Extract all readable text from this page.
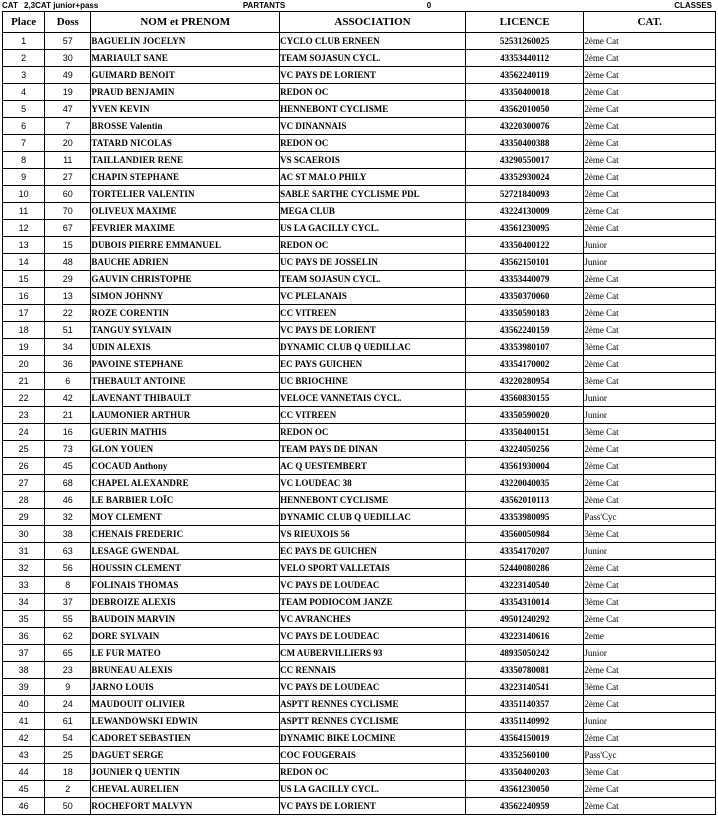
CAT 2,3CAT junior+pass	PARTANTS	0	CLASSES
Place	Doss	NOM et PRENOM	ASSOCIATION	LICENCE	CAT.
1	57	BAGUELIN JOCELYN	CYCLO CLUB ERNEEN	52531260025	2ème Cat
2	30	MARIAULT SANE	TEAM SOJASUN CYCL.	43353440112	2ème Cat
3	49	GUIMARD BENOIT	VC PAYS DE LORIENT	43562240119	2ème Cat
4	19	PRAUD BENJAMIN	REDON OC	43350400018	2ème Cat
5	47	YVEN KEVIN	HENNEBONT CYCLISME	43562010050	2ème Cat
6	7	BROSSE Valentin	VC DINANNAIS	43220300076	2ème Cat
7	20	TATARD NICOLAS	REDON OC	43350400388	2ème Cat
8	11	TAILLANDIER RENE	VS SCAEROIS	43290550017	2ème Cat
9	27	CHAPIN STEPHANE	AC ST MALO PHILY	43352930024	2ème Cat
10	60	TORTELIER VALENTIN	SABLE SARTHE CYCLISME PDL	52721840093	2ème Cat
11	70	OLIVEUX MAXIME	MEGA CLUB	43224130009	2ème Cat
12	67	FEVRIER MAXIME	US LA GACILLY CYCL.	43561230095	2ème Cat
13	15	DUBOIS PIERRE EMMANUEL	REDON OC	43350400122	Junior
14	48	BAUCHE ADRIEN	UC PAYS DE JOSSELIN	43562150101	Junior
15	29	GAUVIN CHRISTOPHE	TEAM SOJASUN CYCL.	43353440079	2ème Cat
16	13	SIMON JOHNNY	VC PLELANAIS	43350370060	2ème Cat
17	22	ROZE CORENTIN	CC VITREEN	43350590183	2ème Cat
18	51	TANGUY SYLVAIN	VC PAYS DE LORIENT	43562240159	2ème Cat
19	34	UDIN ALEXIS	DYNAMIC CLUB Q UEDILLAC	43353980107	3ème Cat
20	36	PAVOINE STEPHANE	EC PAYS GUICHEN	43354170002	2ème Cat
21	6	THEBAULT ANTOINE	UC BRIOCHINE	43220280954	3ème Cat
22	42	LAVENANT THIBAULT	VELOCE VANNETAIS CYCL.	43560830155	Junior
23	21	LAUMONIER ARTHUR	CC VITREEN	43350590020	Junior
24	16	GUERIN MATHIS	REDON OC	43350400151	3ème Cat
25	73	GLON YOUEN	TEAM PAYS DE DINAN	43224050256	2ème Cat
26	45	COCAUD Anthony	AC Q UESTEMBERT	43561930004	2ème Cat
27	68	CHAPEL ALEXANDRE	VC LOUDEAC 38	43220040035	2ème Cat
28	46	LE BARBIER LOÏC	HENNEBONT CYCLISME	43562010113	2ème Cat
29	32	MOY CLEMENT	DYNAMIC CLUB Q UEDILLAC	43353980095	Pass'Cyc
30	38	CHENAIS FREDERIC	VS RIEUXOIS 56	43560050984	3ème Cat
31	63	LESAGE GWENDAL	EC PAYS DE GUICHEN	43354170207	Junior
32	56	HOUSSIN CLEMENT	VELO SPORT VALLETAIS	52440080286	2ème Cat
33	8	FOLINAIS THOMAS	VC PAYS DE LOUDEAC	43223140540	2ème Cat
34	37	DEBROIZE ALEXIS	TEAM PODIOCOM JANZE	43354310014	3ème Cat
35	55	BAUDOIN MARVIN	VC AVRANCHES	49501240292	2ème Cat
36	62	DORE SYLVAIN	VC PAYS DE LOUDEAC	43223140616	2eme
37	65	LE FUR MATEO	CM AUBERVILLIERS 93	48935050242	Junior
38	23	BRUNEAU ALEXIS	CC RENNAIS	43350780081	2ème Cat
39	9	JARNO LOUIS	VC PAYS DE LOUDEAC	43223140541	3ème Cat
40	24	MAUDOUIT OLIVIER	ASPTT RENNES CYCLISME	43351140357	2ème Cat
41	61	LEWANDOWSKI EDWIN	ASPTT RENNES CYCLISME	43351140992	Junior
42	54	CADORET SEBASTIEN	DYNAMIC BIKE LOCMINE	43564150019	2ème Cat
43	25	DAGUET SERGE	COC FOUGERAIS	43352560100	Pass'Cyc
44	18	JOUNIER Q UENTIN	REDON OC	43350400203	3ème Cat
45	2	CHEVAL AURELIEN	US LA GACILLY CYCL.	43561230050	2ème Cat
46	50	ROCHEFORT MALVYN	VC PAYS DE LORIENT	43562240959	2ème Cat
